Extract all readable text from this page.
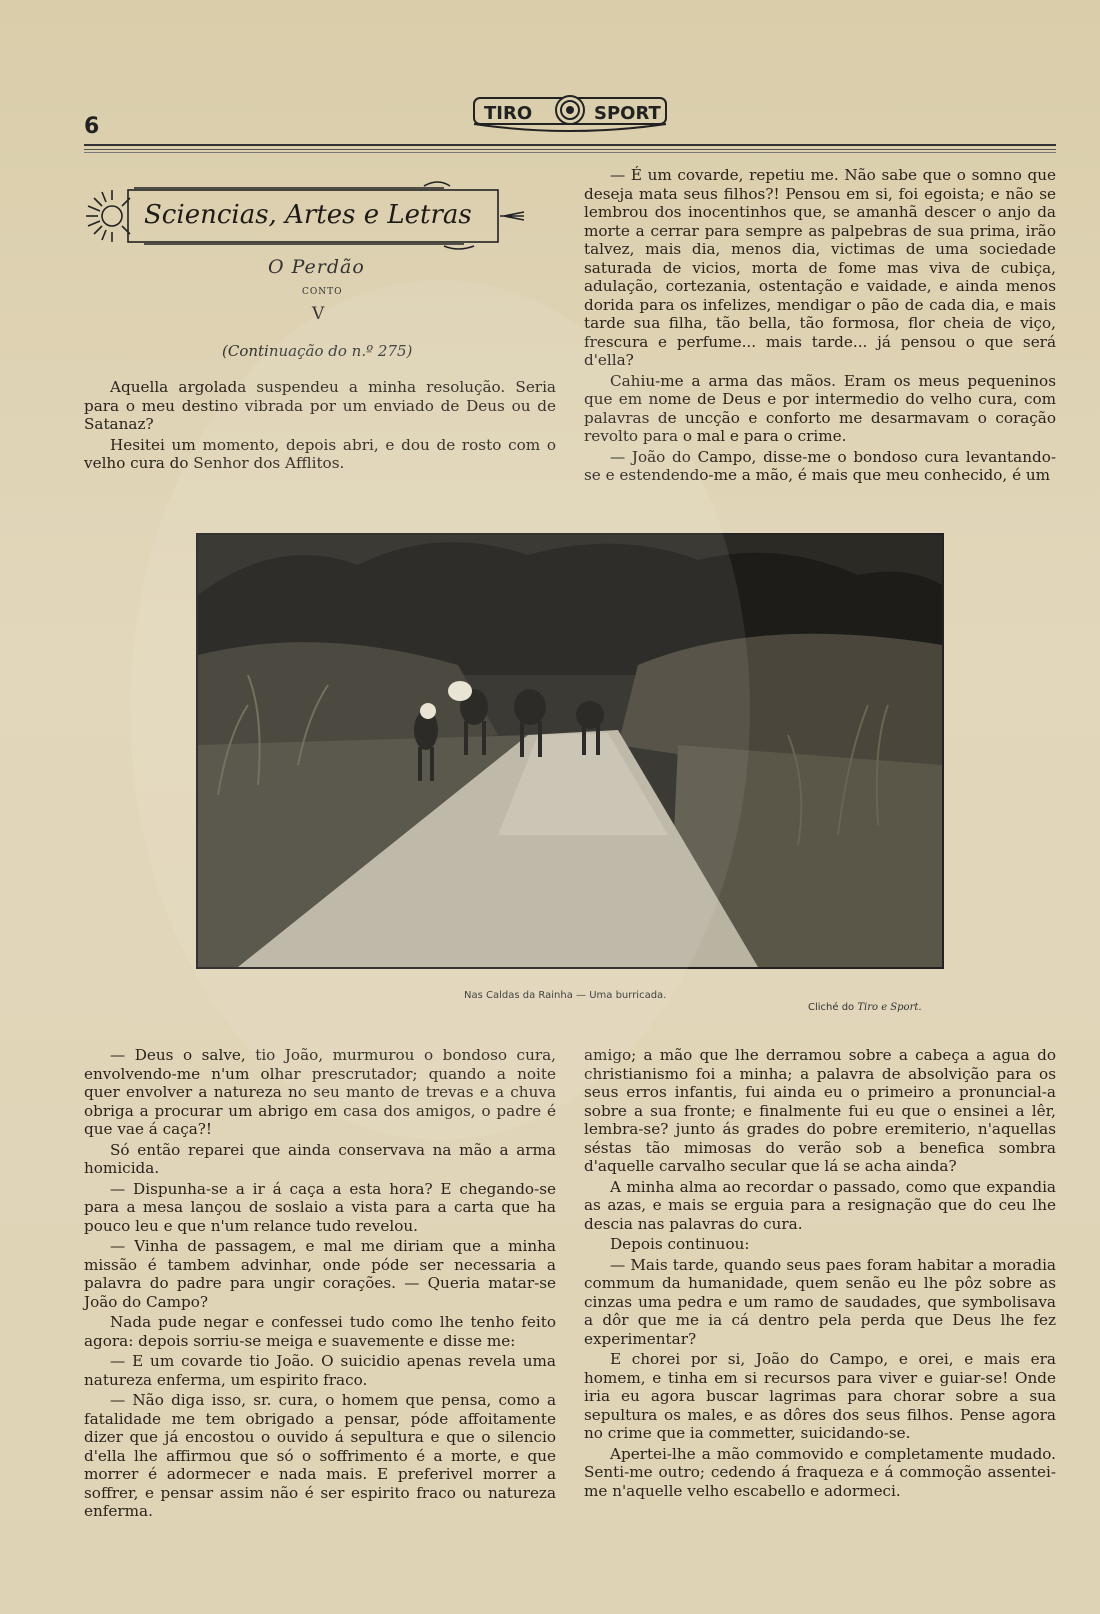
6
TIRO	SPORT
Sciencias, Artes e Letras
O Perdão
CONTO
V
(Continuação do n.º 275)

Aquella argolada suspendeu a minha resolução. Seria para o meu destino vibrada por um enviado de Deus ou de Satanaz?

Hesitei um momento, depois abri, e dou de rosto com o velho cura do Senhor dos Afflitos.

— É um covarde, repetiu me. Não sabe que o somno que deseja mata seus filhos?! Pensou em si, foi egoista; e não se lembrou dos inocentinhos que, se amanhã descer o anjo da morte a cerrar para sempre as palpebras de sua prima, irão talvez, mais dia, menos dia, victimas de uma sociedade saturada de vicios, morta de fome mas viva de cubiça, adulação, cortezania, ostentação e vaidade, e ainda menos dorida para os infelizes, mendigar o pão de cada dia, e mais tarde sua filha, tão bella, tão formosa, flor cheia de viço, frescura e perfume... mais tarde... já pensou o que será d'ella?

Cahiu-me a arma das mãos. Eram os meus pequeninos que em nome de Deus e por intermedio do velho cura, com palavras de uncção e conforto me desarmavam o coração revolto para o mal e para o crime.

— João do Campo, disse-me o bondoso cura levantando-se e estendendo-me a mão, é mais que meu conhecido, é um

Nas Caldas da Rainha — Uma burricada.
Cliché do Tiro e Sport.

— Deus o salve, tio João, murmurou o bondoso cura, envolvendo-me n'um olhar prescrutador; quando a noite quer envolver a natureza no seu manto de trevas e a chuva obriga a procurar um abrigo em casa dos amigos, o padre é que vae á caça?!

Só então reparei que ainda conservava na mão a arma homicida.

— Dispunha-se a ir á caça a esta hora? E chegando-se para a mesa lançou de soslaio a vista para a carta que ha pouco leu e que n'um relance tudo revelou.

— Vinha de passagem, e mal me diriam que a minha missão é tambem advinhar, onde póde ser necessaria a palavra do padre para ungir corações. — Queria matar-se João do Campo?

Nada pude negar e confessei tudo como lhe tenho feito agora: depois sorriu-se meiga e suavemente e disse me:

— E um covarde tio João. O suicidio apenas revela uma natureza enferma, um espirito fraco.

— Não diga isso, sr. cura, o homem que pensa, como a fatalidade me tem obrigado a pensar, póde affoitamente dizer que já encostou o ouvido á sepultura e que o silencio d'ella lhe affirmou que só o soffrimento é a morte, e que morrer é adormecer e nada mais. E preferivel morrer a soffrer, e pensar assim não é ser espirito fraco ou natureza enferma.

amigo; a mão que lhe derramou sobre a cabeça a agua do christianismo foi a minha; a palavra de absolvição para os seus erros infantis, fui ainda eu o primeiro a pronuncial-a sobre a sua fronte; e finalmente fui eu que o ensinei a lêr, lembra-se? junto ás grades do pobre eremiterio, n'aquellas séstas tão mimosas do verão sob a benefica sombra d'aquelle carvalho secular que lá se acha ainda?

A minha alma ao recordar o passado, como que expandia as azas, e mais se erguia para a resignação que do ceu lhe descia nas palavras do cura.

Depois continuou:

— Mais tarde, quando seus paes foram habitar a moradia commum da humanidade, quem senão eu lhe pôz sobre as cinzas uma pedra e um ramo de saudades, que symbolisava a dôr que me ia cá dentro pela perda que Deus lhe fez experimentar?

E chorei por si, João do Campo, e orei, e mais era homem, e tinha em si recursos para viver e guiar-se! Onde iria eu agora buscar lagrimas para chorar sobre a sua sepultura os males, e as dôres dos seus filhos. Pense agora no crime que ia commetter, suicidando-se.

Apertei-lhe a mão commovido e completamente mudado. Senti-me outro; cedendo á fraqueza e á commoção assentei-me n'aquelle velho escabello e adormeci.
